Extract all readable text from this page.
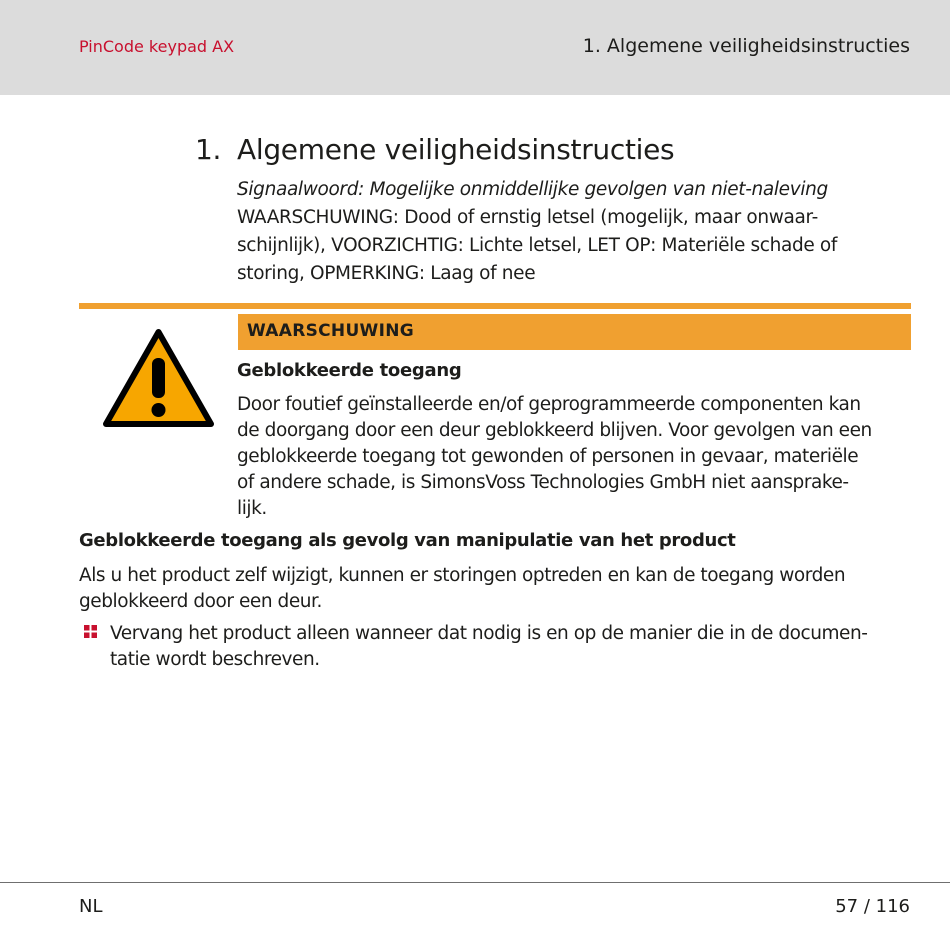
PinCode keypad AX	1. Algemene veiligheidsinstructies
1. Algemene veiligheidsinstructies
Signaalwoord: Mogelijke onmiddellijke gevolgen van niet-naleving
WAARSCHUWING: Dood of ernstig letsel (mogelijk, maar onwaar-
schijnlijk), VOORZICHTIG: Lichte letsel, LET OP: Materiële schade of
storing, OPMERKING: Laag of nee
WAARSCHUWING
Geblokkeerde toegang
Door foutief geïnstalleerde en/of geprogrammeerde componenten kan
de doorgang door een deur geblokkeerd blijven. Voor gevolgen van een
geblokkeerde toegang tot gewonden of personen in gevaar, materiële
of andere schade, is SimonsVoss Technologies GmbH niet aansprake-
lijk.
Geblokkeerde toegang als gevolg van manipulatie van het product
Als u het product zelf wijzigt, kunnen er storingen optreden en kan de toegang worden
geblokkeerd door een deur.
Vervang het product alleen wanneer dat nodig is en op de manier die in de documen-
tatie wordt beschreven.
NL	57 / 116
